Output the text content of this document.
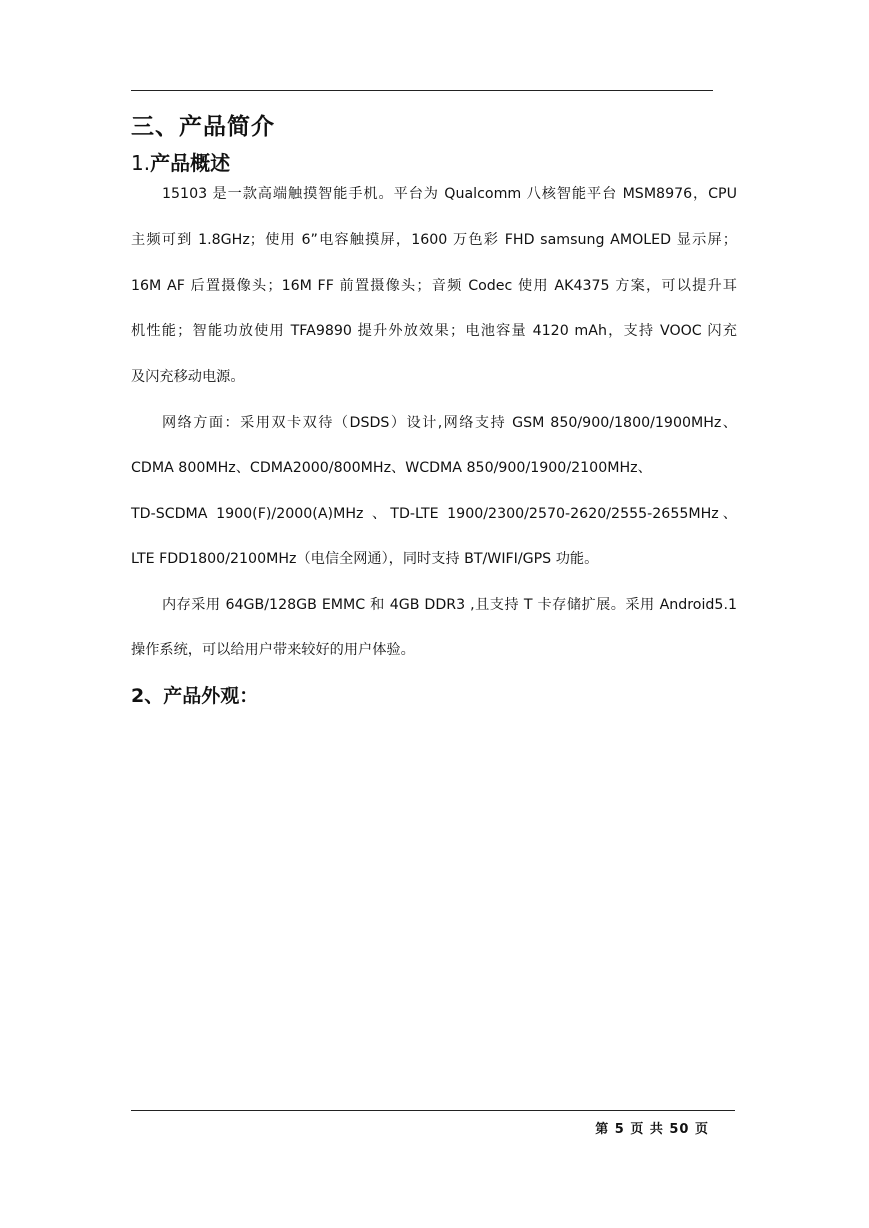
三、产品简介
1.产品概述
15103 是一款高端触摸智能手机。平台为 Qualcomm 八核智能平台 MSM8976，CPU
主频可到 1.8GHz；使用 6”电容触摸屏，1600 万色彩 FHD samsung AMOLED 显示屏；
16M AF 后置摄像头；16M FF 前置摄像头；音频 Codec 使用 AK4375 方案，可以提升耳
机性能；智能功放使用 TFA9890 提升外放效果；电池容量 4120 mAh，支持 VOOC 闪充
及闪充移动电源。
网络方面：采用双卡双待（DSDS）设计,网络支持 GSM 850/900/1800/1900MHz、
CDMA 800MHz、CDMA2000/800MHz、WCDMA 850/900/1900/2100MHz、
TD-SCDMA 1900(F)/2000(A)MHz 、TD-LTE 1900/2300/2570-2620/2555-2655MHz、
LTE FDD1800/2100MHz（电信全网通），同时支持 BT/WIFI/GPS 功能。
内存采用 64GB/128GB EMMC 和 4GB DDR3 ,且支持 T 卡存储扩展。采用 Android5.1
操作系统，可以给用户带来较好的用户体验。
2、产品外观：
第 5 页 共 50 页
